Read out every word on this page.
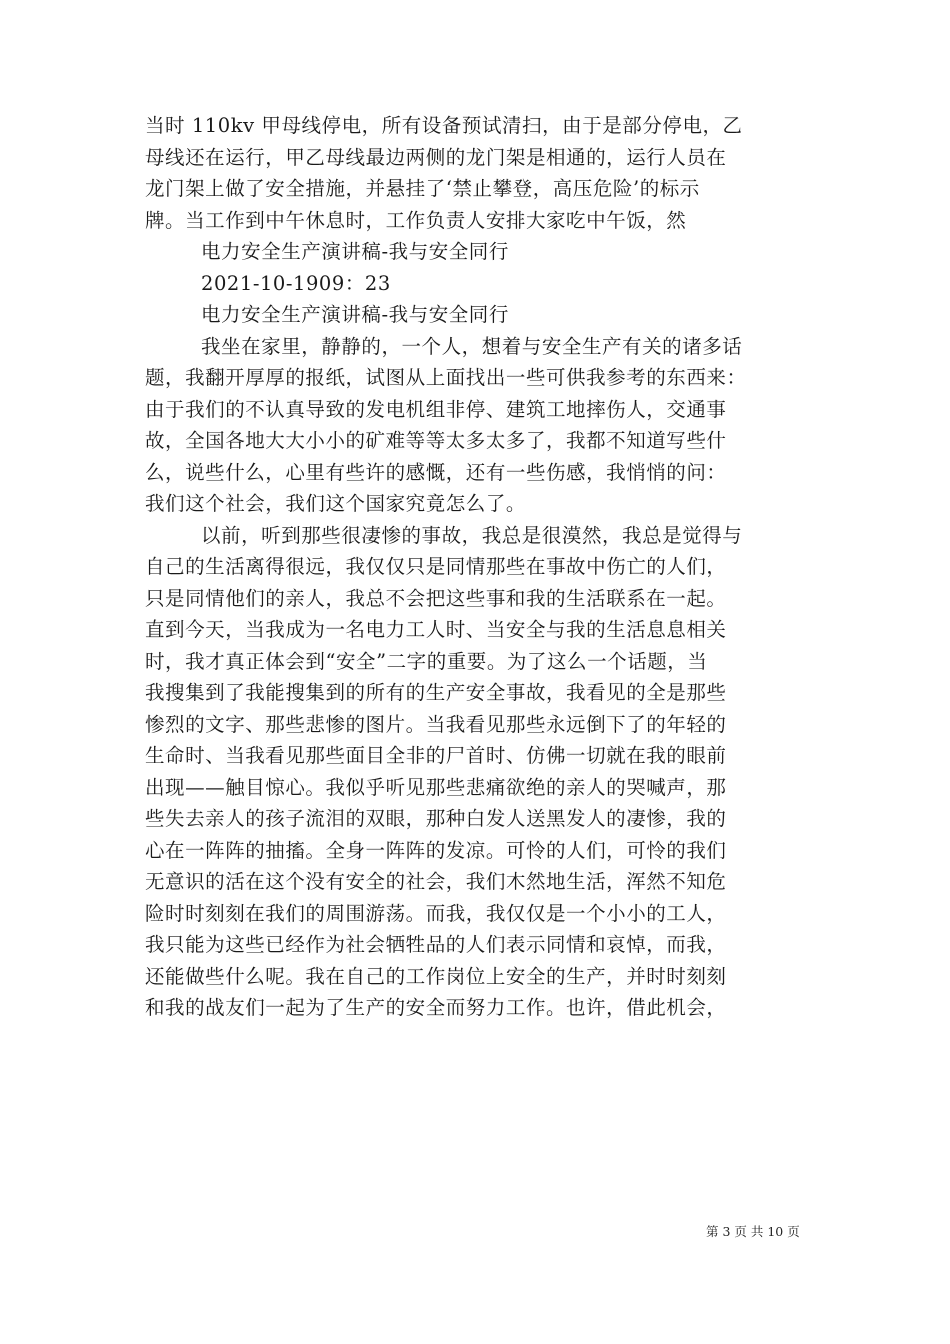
当时 110kv 甲母线停电，所有设备预试清扫，由于是部分停电，乙
母线还在运行，甲乙母线最边两侧的龙门架是相通的，运行人员在
龙门架上做了安全措施，并悬挂了‘禁止攀登，高压危险’的标示
牌。当工作到中午休息时，工作负责人安排大家吃中午饭，然
电力安全生产演讲稿-我与安全同行
2021-10-1909：23
电力安全生产演讲稿-我与安全同行
我坐在家里，静静的，一个人，想着与安全生产有关的诸多话
题，我翻开厚厚的报纸，试图从上面找出一些可供我参考的东西来：
由于我们的不认真导致的发电机组非停、建筑工地摔伤人，交通事
故，全国各地大大小小的矿难等等太多太多了，我都不知道写些什
么，说些什么，心里有些许的感慨，还有一些伤感，我悄悄的问：
我们这个社会，我们这个国家究竟怎么了。
以前，听到那些很凄惨的事故，我总是很漠然，我总是觉得与
自己的生活离得很远，我仅仅只是同情那些在事故中伤亡的人们，
只是同情他们的亲人，我总不会把这些事和我的生活联系在一起。
直到今天，当我成为一名电力工人时、当安全与我的生活息息相关
时，我才真正体会到“安全”二字的重要。为了这么一个话题，当
我搜集到了我能搜集到的所有的生产安全事故，我看见的全是那些
惨烈的文字、那些悲惨的图片。当我看见那些永远倒下了的年轻的
生命时、当我看见那些面目全非的尸首时、仿佛一切就在我的眼前
出现——触目惊心。我似乎听见那些悲痛欲绝的亲人的哭喊声，那
些失去亲人的孩子流泪的双眼，那种白发人送黑发人的凄惨，我的
心在一阵阵的抽搐。全身一阵阵的发凉。可怜的人们，可怜的我们
无意识的活在这个没有安全的社会，我们木然地生活，浑然不知危
险时时刻刻在我们的周围游荡。而我，我仅仅是一个小小的工人，
我只能为这些已经作为社会牺牲品的人们表示同情和哀悼，而我，
还能做些什么呢。我在自己的工作岗位上安全的生产，并时时刻刻
和我的战友们一起为了生产的安全而努力工作。也许，借此机会，
第 3 页 共 10 页
